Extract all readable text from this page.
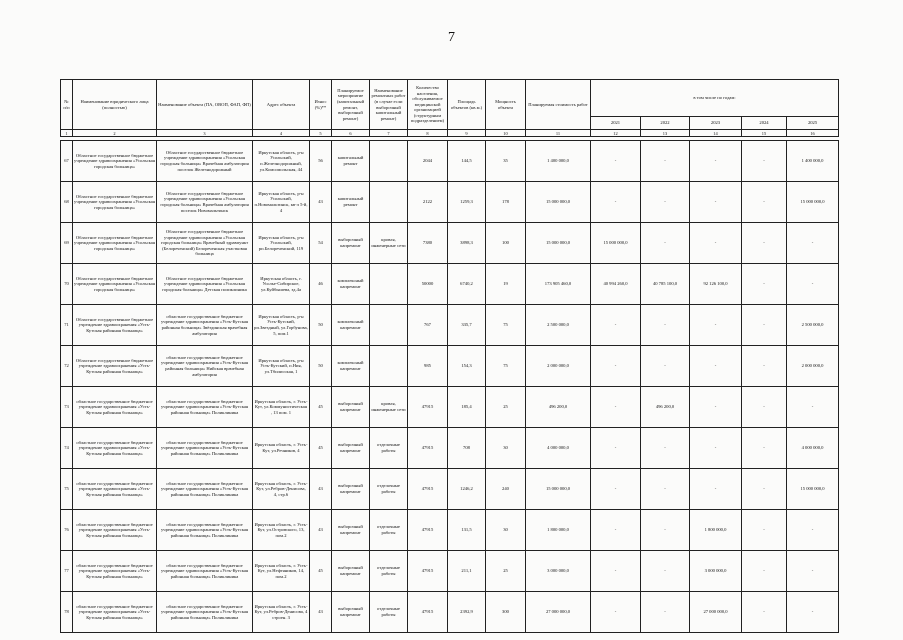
7
№ п/п	Наименование юридического лица (полностью)	Наименование объекта (ПА, ОВОП, ФАП, ФП)	Адрес объекта	Износ (%)**	Планируемое мероприятие (капитальный ремонт, выборочный ремонт)	Наименование ремонтных работ (в случае если выборочный капитальный ремонт)	Количество населения, обслуживаемое медицинской организацией (структурным подразделением)	Площадь объектов (кв.м.)	Мощность объекта	Планируемая стоимость работ	в том числе по годам:				
											2021	2022	2023	2024	2025
1	2	3	4	5	6	7	8	9	10	11	12	13	14	15	16

67	Областное государственное бюджетное учреждение здравоохранения «Усольская городская больница»	Областное государственное бюджетное учреждение здравоохранения «Усольская городская больница» Врачебная амбулатория поселок Железнодорожный	Иркутская область, р-н Усольский, п.Железнодорожный, ул.Комсомольская, 44	56	капитальный ремонт		2044	144,5	35	1 400 000,0	-	-	-	-	1 400 000,0
68	Областное государственное бюджетное учреждение здравоохранения «Усольская городская больница»	Областное государственное бюджетное учреждение здравоохранения «Усольская городская больница» Врачебная амбулатория поселок Новомальтинск	Иркутская область, р-н Усольский, п.Новомальтинск, кв-л 5-й, 4	43	капитальный ремонт		2122	1259,3	178	15 000 000,0	-	-	-	-	15 000 000,0
69	Областное государственное бюджетное учреждение здравоохранения «Усольская городская больница»	Областное государственное бюджетное учреждение здравоохранения «Усольская городская больница» Врачебный здравпункт (Белореченский) Белореченская участковая больница	Иркутская область, р-н Усольский, рп.Белореченский, 119	54	выборочный капремонт	кровля, инженерные сети	7380	3898,3	100	15 000 000,0	15 000 000,0	-	-	-	-
70	Областное государственное бюджетное учреждение здравоохранения «Усольская городская больница»	Областное государственное бюджетное учреждение здравоохранения «Усольская городская больница» Детская поликлиника	Иркутская область, г. Усолье-Сибирское, ул.Куйбышева, зд.4а	46	комплексный капремонт		50000	6740,2	19	173 905 460,0	40 994 260,0	40 785 100,0	92 126 100,0	-	-
71	Областное государственное бюджетное учреждение здравоохранения «Усть-Кутская районная больница»	областное государственное бюджетное учреждение здравоохранения «Усть-Кутская районная больница» Звёздинская врачебная амбулатория	Иркутская область, р-н Усть-Кутский, рп.Звездный, ул.Горбунова, 5, пом.1	50	комплексный капремонт		767	335,7	75	2 500 000,0	-	-	-	-	2 500 000,0
72	Областное государственное бюджетное учреждение здравоохранения «Усть-Кутская районная больница»	областное государственное бюджетное учреждение здравоохранения «Усть-Кутская районная больница» Нийская врачебная амбулатория	Иркутская область, р-н Усть-Кутский, п.Ния, ул.Тбилисская, 1	50	комплексный капремонт		985	154,3	75	2 000 000,0	-	-	-	-	2 000 000,0
73	областное государственное бюджетное учреждение здравоохранения «Усть-Кутская районная больница»	областное государственное бюджетное учреждение здравоохранения «Усть-Кутская районная больница» Поликлиника	Иркутская область, г. Усть-Кут, ул.Коммунистическая , 13 пом. 1	45	выборочный капремонт	кровля, инженерные сети	47915	185,4	25	496 200,0	-	496 200,0	-	-	-
74	областное государственное бюджетное учреждение здравоохранения «Усть-Кутская районная больница»	областное государственное бюджетное учреждение здравоохранения «Усть-Кутская районная больница» Поликлиника	Иркутская область, г. Усть-Кут, ул.Речников, 4	45	выборочный капремонт	отделочные работы	47915	708	30	4 000 000,0	-	-	-	-	4 000 000,0
75	областное государственное бюджетное учреждение здравоохранения «Усть-Кутская районная больница»	областное государственное бюджетное учреждение здравоохранения «Усть-Кутская районная больница» Поликлиника	Иркутская область, г. Усть-Кут, ул.Ребров-Денисова, 4, стр.6	43	выборочный капремонт	отделочные работы	47915	1246,2	240	15 000 000,0	-	-	-	-	15 000 000,0
76	областное государственное бюджетное учреждение здравоохранения «Усть-Кутская районная больница»	областное государственное бюджетное учреждение здравоохранения «Усть-Кутская районная больница» Поликлиника	Иркутская область, г. Усть-Кут, ул.Островского, 13, пом.2	43	выборочный капремонт	отделочные работы	47915	131,5	30	1 800 000,0	-	-	1 800 000,0	-	-
77	областное государственное бюджетное учреждение здравоохранения «Усть-Кутская районная больница»	областное государственное бюджетное учреждение здравоохранения «Усть-Кутская районная больница» Поликлиника	Иркутская область, г. Усть-Кут, ул.Нефтяников, 14, пом.2	45	выборочный капремонт	отделочные работы	47915	211,1	25	3 000 000,0	-	-	3 000 000,0	-	-
78	областное государственное бюджетное учреждение здравоохранения «Усть-Кутская районная больница»	областное государственное бюджетное учреждение здравоохранения «Усть-Кутская районная больница» Поликлиника	Иркутская область, г. Усть-Кут, ул.Ребров-Денисова, 4 строен. 3	43	выборочный капремонт	отделочные работы	47915	2392,9	300	27 000 000,0	-	-	27 000 000,0	-	-
